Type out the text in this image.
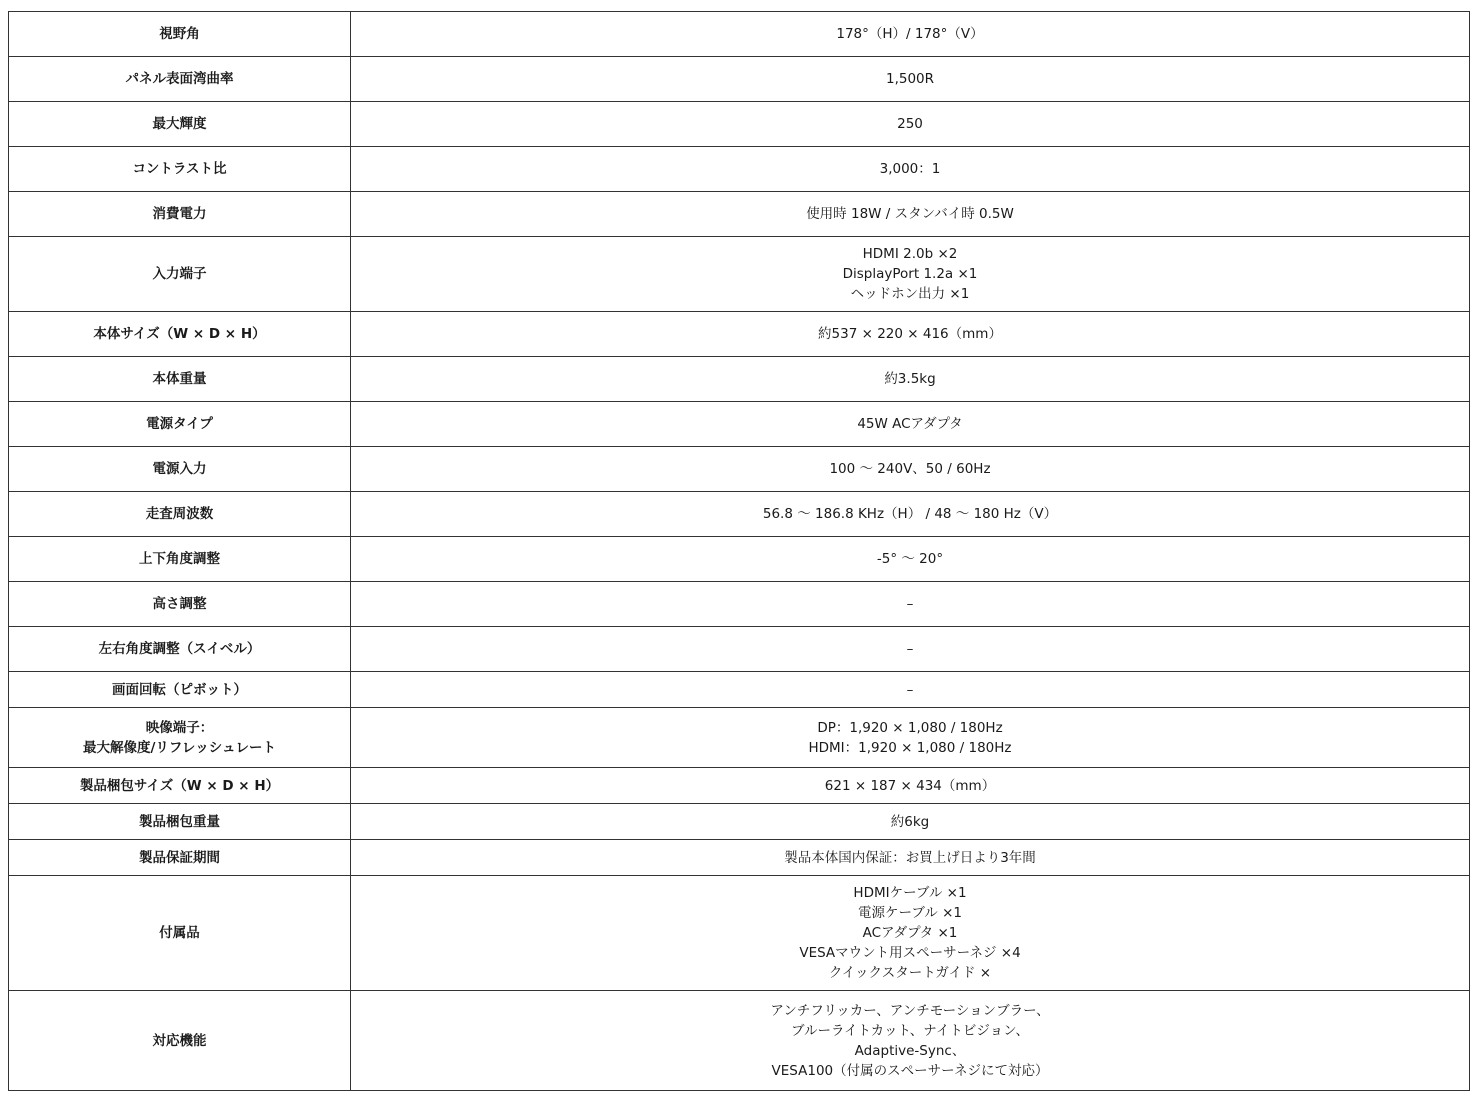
視野角	178°（H）/ 178°（V）

パネル表面湾曲率	1,500R

最大輝度	250

コントラスト比	3,000：1

消費電力	使用時 18W / スタンバイ時 0.5W

入力端子	HDMI 2.0b ×2
DisplayPort 1.2a ×1
ヘッドホン出力 ×1

本体サイズ（W × D × H）	約537 × 220 × 416（mm）

本体重量	約3.5kg

電源タイプ	45W ACアダプタ

電源入力	100 ～ 240V、50 / 60Hz

走査周波数	56.8 ～ 186.8 KHz（H） / 48 ～ 180 Hz（V）

上下角度調整	-5° ～ 20°

高さ調整	–

左右角度調整（スイベル）	–

画面回転（ピボット）	–

映像端子：
最大解像度/リフレッシュレート	DP：1,920 × 1,080 / 180Hz
HDMI：1,920 × 1,080 / 180Hz

製品梱包サイズ（W × D × H）	621 × 187 × 434（mm）

製品梱包重量	約6kg

製品保証期間	製品本体国内保証：お買上げ日より3年間

付属品	HDMIケーブル ×1
電源ケーブル ×1
ACアダプタ ×1
VESAマウント用スペーサーネジ ×4
クイックスタートガイド ×

対応機能	アンチフリッカー、アンチモーションブラー、
ブルーライトカット、ナイトビジョン、
Adaptive-Sync、
VESA100（付属のスペーサーネジにて対応）
